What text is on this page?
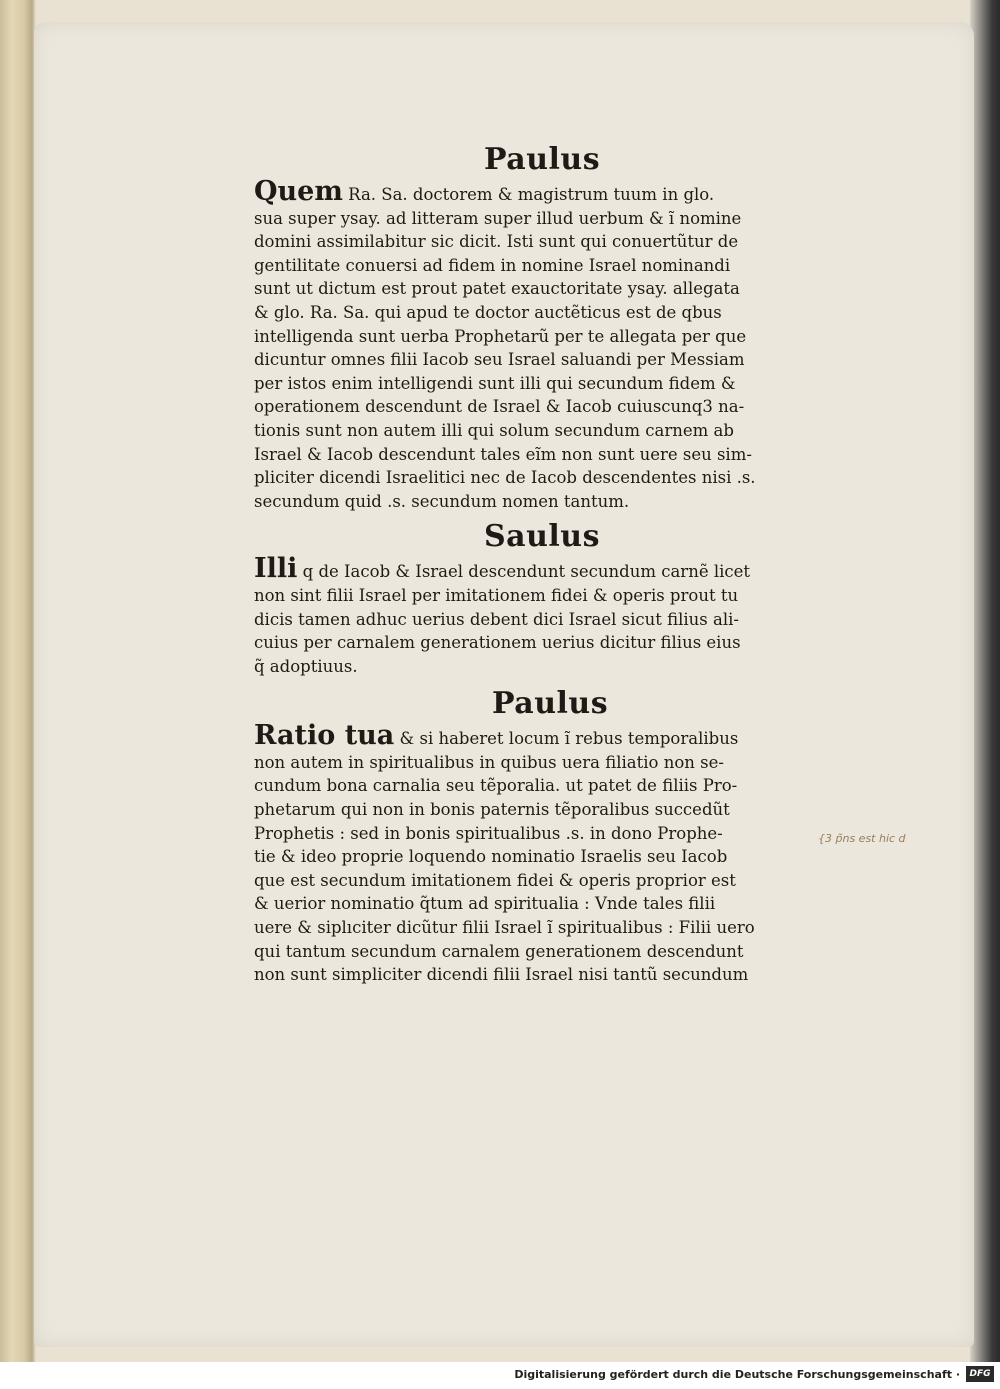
Paulus

Quem Ra. Sa. doctorem & magistrum tuum in glo.

sua super ysay. ad litteram super illud uerbum & ĩ nomine

domini assimilabitur sic dicit. Isti sunt qui conuertũtur de

gentilitate conuersi ad fidem in nomine Israel nominandi

sunt ut dictum est prout patet exauctoritate ysay. allegata

& glo. Ra. Sa. qui apud te doctor auctẽticus est de qbus

intelligenda sunt uerba Prophetarũ per te allegata per que

dicuntur omnes filii Iacob seu Israel saluandi per Messiam

per istos enim intelligendi sunt illi qui secundum fidem &

operationem descendunt de Israel & Iacob cuiuscunq3 na-

tionis sunt non autem illi qui solum secundum carnem ab

Israel & Iacob descendunt tales eĩm non sunt uere seu sim-

pliciter dicendi Israelitici nec de Iacob descendentes nisi .s.

secundum quid .s. secundum nomen tantum.

Saulus

Illi q de Iacob & Israel descendunt secundum carnẽ licet

non sint filii Israel per imitationem fidei & operis prout tu

dicis tamen adhuc uerius debent dici Israel sicut filius ali-

cuius per carnalem generationem uerius dicitur filius eius

q̃ adoptiuus.

Paulus

Ratio tua & si haberet locum ĩ rebus temporalibus

non autem in spiritualibus in quibus uera filiatio non se-

cundum bona carnalia seu tẽporalia. ut patet de filiis Pro-

phetarum qui non in bonis paternis tẽporalibus succedũt

Prophetis : sed in bonis spiritualibus .s. in dono Prophe-

tie & ideo proprie loquendo nominatio Israelis seu Iacob

que est secundum imitationem fidei & operis proprior est

& uerior nominatio q̃tum ad spiritualia : Vnde tales filii

uere & siplıciter dicũtur filii Israel ĩ spiritualibus : Filii uero

qui tantum secundum carnalem generationem descendunt

non sunt simpliciter dicendi filii Israel nisi tantũ secundum

{3 p̃ns est hic d
Digitalisierung gefördert durch die Deutsche Forschungsgemeinschaft ·	DFG
